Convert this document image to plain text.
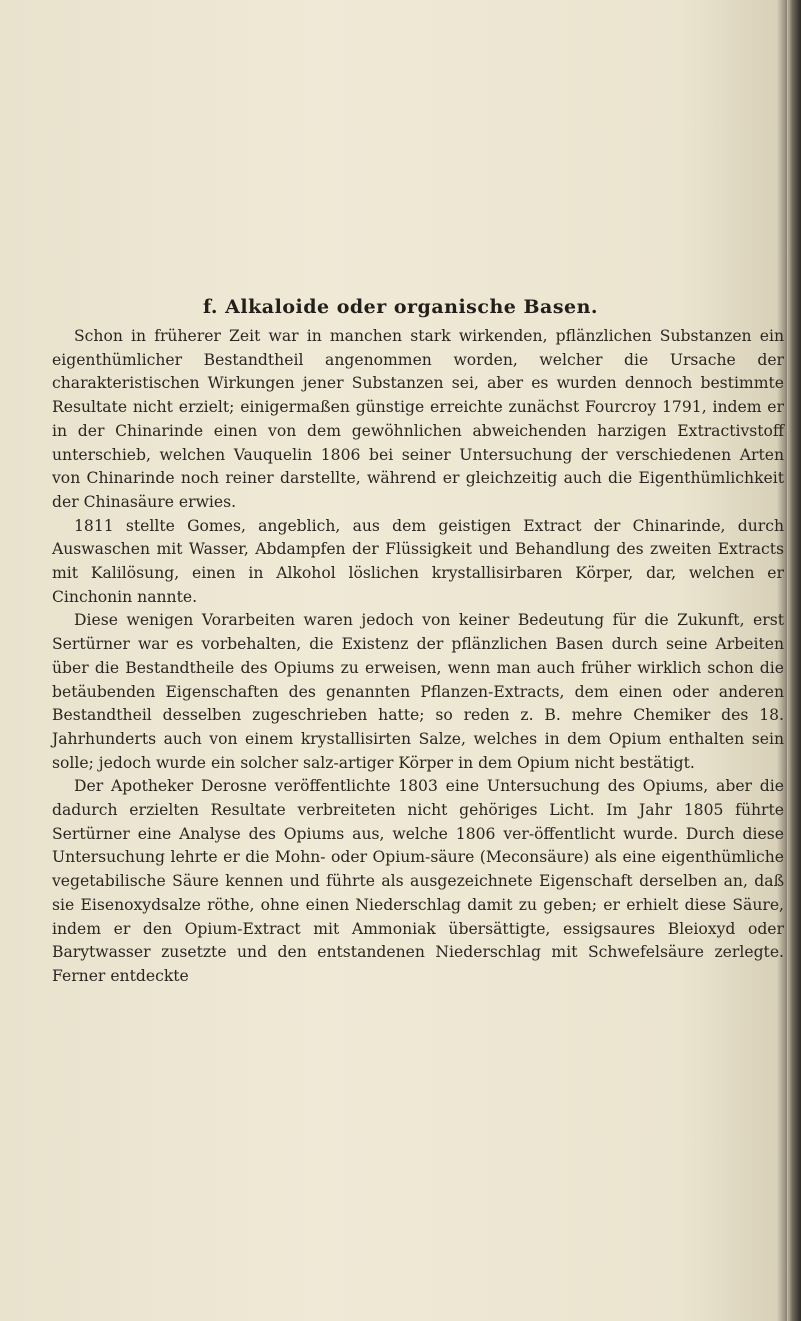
f. Alkaloide oder organische Basen.

Schon in früherer Zeit war in manchen stark wirkenden, pflänzlichen Substanzen ein eigenthümlicher Bestandtheil angenommen worden, welcher die Ursache der charakteristischen Wirkungen jener Substanzen sei, aber es wurden dennoch bestimmte Resultate nicht erzielt; einigermaßen günstige erreichte zunächst Fourcroy 1791, indem er in der Chinarinde einen von dem gewöhnlichen abweichenden harzigen Extractivstoff unterschieb, welchen Vauquelin 1806 bei seiner Untersuchung der verschiedenen Arten von Chinarinde noch reiner darstellte, während er gleichzeitig auch die Eigenthümlichkeit der Chinasäure erwies.

1811 stellte Gomes, angeblich, aus dem geistigen Extract der Chinarinde, durch Auswaschen mit Wasser, Abdampfen der Flüssigkeit und Behandlung des zweiten Extracts mit Kalilösung, einen in Alkohol löslichen krystallisirbaren Körper, dar, welchen er Cinchonin nannte.

Diese wenigen Vorarbeiten waren jedoch von keiner Bedeutung für die Zukunft, erst Sertürner war es vorbehalten, die Existenz der pflänzlichen Basen durch seine Arbeiten über die Bestandtheile des Opiums zu erweisen, wenn man auch früher wirklich schon die betäubenden Eigenschaften des genannten Pflanzen-Extracts, dem einen oder anderen Bestandtheil desselben zugeschrieben hatte; so reden z. B. mehre Chemiker des 18. Jahrhunderts auch von einem krystallisirten Salze, welches in dem Opium enthalten sein solle; jedoch wurde ein solcher salz-artiger Körper in dem Opium nicht bestätigt.

Der Apotheker Derosne veröffentlichte 1803 eine Untersuchung des Opiums, aber die dadurch erzielten Resultate verbreiteten nicht gehöriges Licht. Im Jahr 1805 führte Sertürner eine Analyse des Opiums aus, welche 1806 ver-öffentlicht wurde. Durch diese Untersuchung lehrte er die Mohn- oder Opium-säure (Meconsäure) als eine eigenthümliche vegetabilische Säure kennen und führte als ausgezeichnete Eigenschaft derselben an, daß sie Eisenoxydsalze röthe, ohne einen Niederschlag damit zu geben; er erhielt diese Säure, indem er den Opium-Extract mit Ammoniak übersättigte, essigsaures Bleioxyd oder Barytwasser zusetzte und den entstandenen Niederschlag mit Schwefelsäure zerlegte. Ferner entdeckte
